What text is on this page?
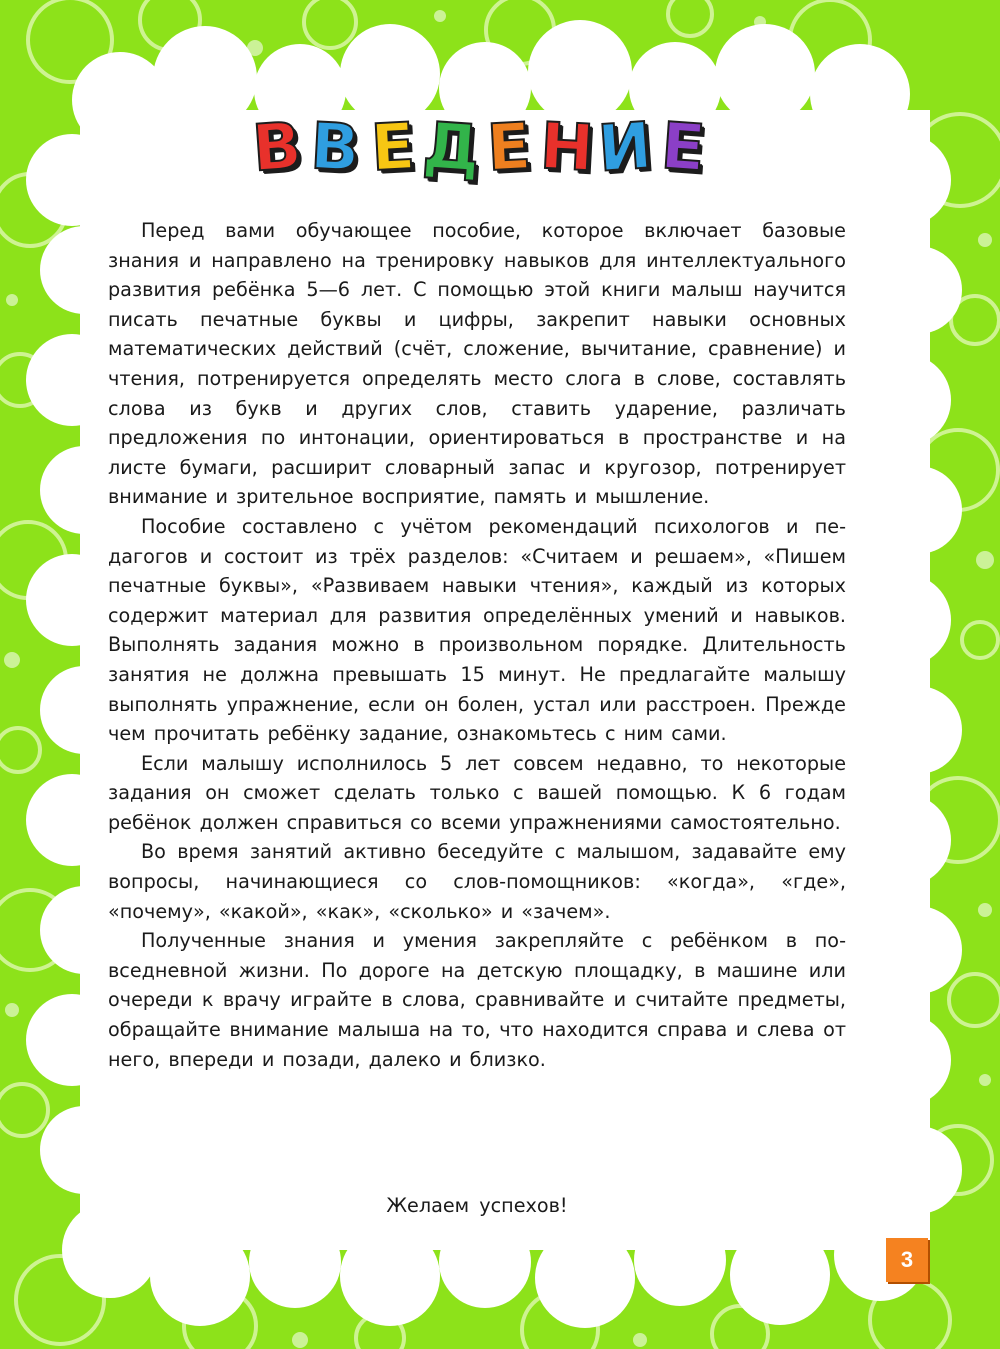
В В Е Д Е Н И Е

Перед вами обучающее пособие, которое включает базовые знания и направлено на тренировку навыков для интеллектуального развития ребёнка 5—6 лет. С помощью этой книги малыш научится писать печатные буквы и цифры, закрепит навыки основных математических действий (счёт, сложение, вычитание, сравнение) и чтения, потренируется определять место слога в слове, составлять слова из букв и других слов, ставить ударение, различать предложения по интонации, ориентироваться в пространстве и на листе бумаги, расширит словарный запас и кругозор, потренирует внимание и зрительное восприятие, память и мышление.

Пособие составлено с учётом рекомендаций психологов и педагогов и состоит из трёх разделов: «Считаем и решаем», «Пишем печатные буквы», «Развиваем навыки чтения», каждый из которых содержит материал для развития определённых умений и навыков. Выполнять задания можно в произвольном порядке. Длительность занятия не должна превышать 15 минут. Не предлагайте малышу выполнять упражнение, если он болен, устал или расстроен. Прежде чем прочитать ребёнку задание, ознакомьтесь с ним сами.

Если малышу исполнилось 5 лет совсем недавно, то некоторые задания он сможет сделать только с вашей помощью. К 6 годам ребёнок должен справиться со всеми упражнениями самостоятельно.

Во время занятий активно беседуйте с малышом, задавайте ему вопросы, начинающиеся со слов-помощников: «когда», «где», «почему», «какой», «как», «сколько» и «зачем».

Полученные знания и умения закрепляйте с ребёнком в повседневной жизни. По дороге на детскую площадку, в машине или очереди к врачу играйте в слова, сравнивайте и считайте предметы, обращайте внимание малыша на то, что находится справа и слева от него, впереди и позади, далеко и близко.

Желаем успехов!
3
